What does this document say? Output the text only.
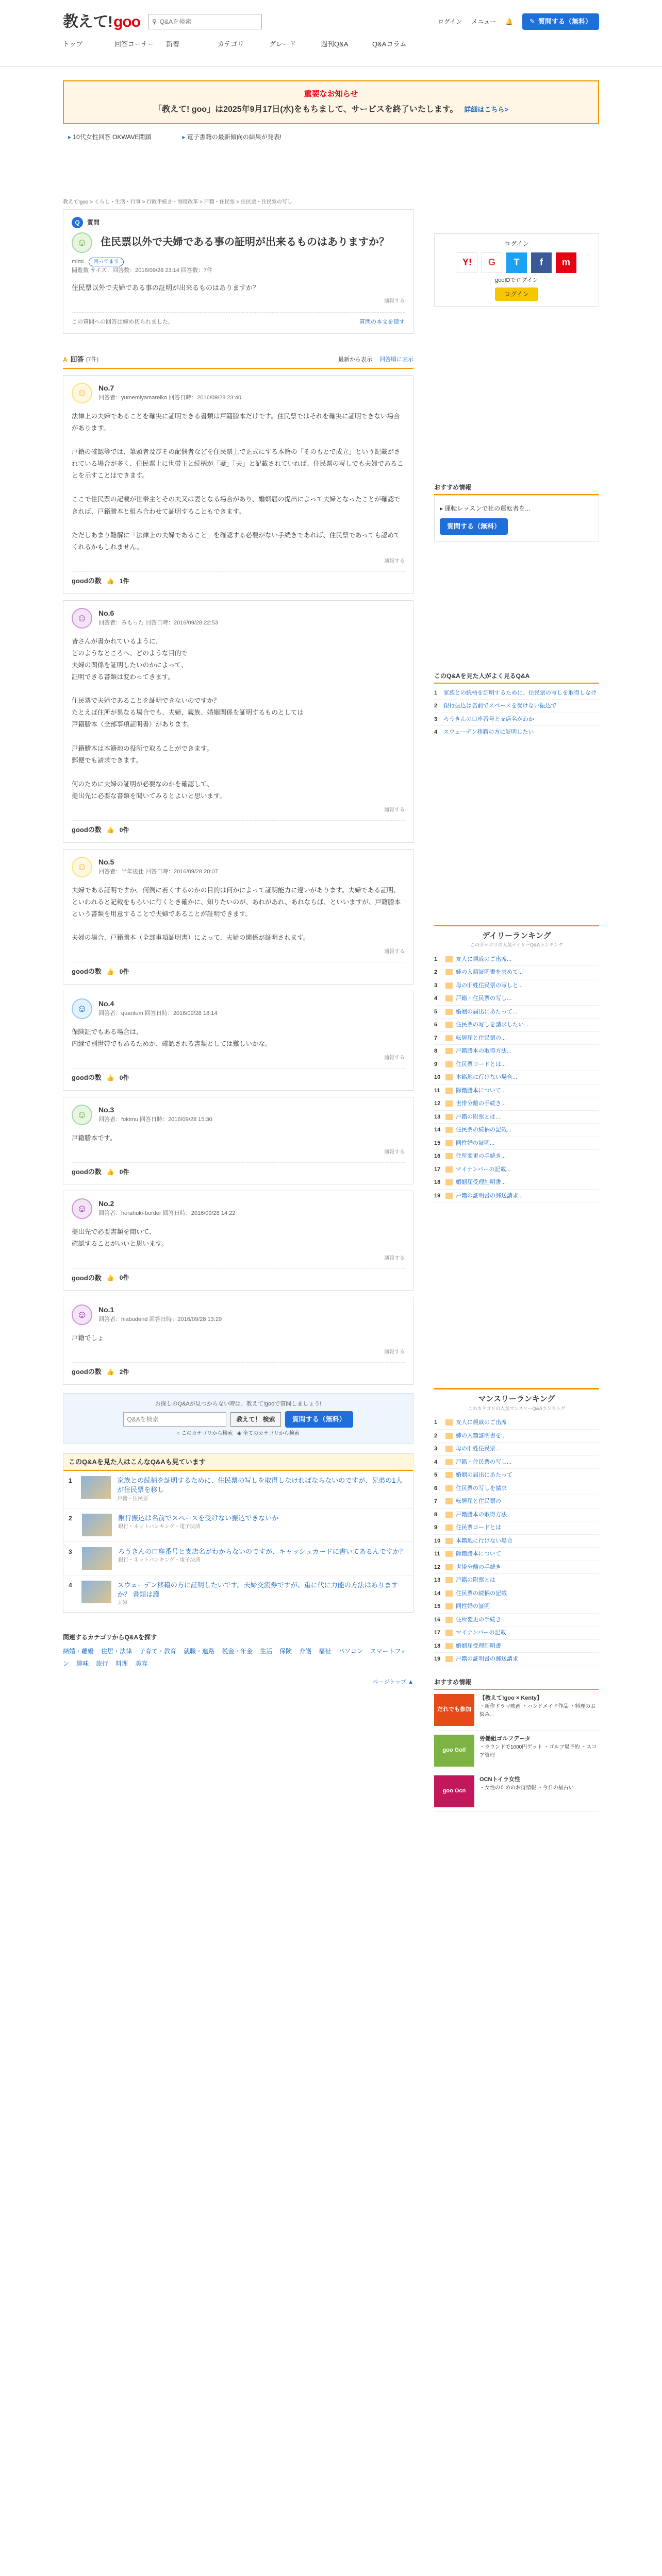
教えて! goo ⚲
Q&Aを検索	ログイン メニュー 🔔 ✎ 質問する（無料）
トップ	回答コーナー	新着	カテゴリ	グレード	週刊Q&A	Q&Aコラム
重要なお知らせ

「教えて! goo」は2025年9月17日(水)をもちまして、サービスを終了いたします。 詳細はこちら>

▸ 10代女性回答 OKWAVE閉鎖
▸	電子書籍の最新傾向の結果が発表!
教えて!goo > くらし・生活・行事 > 行政手続き・制度改革 > 戸籍・住民票 > 住民票・住民票の写し
Q	質問
☺	住民票以外で夫婦である事の証明が出来るものはありますか？
mimi	困ってます
閲覧数 サイズ：回答数：2016/09/28 23:14 回答数：7件
住民票以外で夫婦である事の証明が出来るものはありますか？
通報する
この質問への回答は締め切られました。	質問の本文を隠す
A 回答 (7件)	最新から表示 回答順に表示
☺	No.7
回答者：yumemiyamareiko 回答日時：2016/09/28 23:40
法律上の夫婦であることを確実に証明できる書類は戸籍謄本だけです。住民票ではそれを確実に証明できない場合があります。

戸籍の確認等では、筆頭者及びその配偶者などを住民票上で正式にする本籍の「そのもとで成立」という記載がされている場合が多く、住民票上に世帯主と続柄が「妻」「夫」と記載されていれば、住民票の写しでも夫婦であることを示すことはできます。

ここで住民票の記載が世帯主とその夫又は妻となる場合があり、婚姻届の提出によって夫婦となったことが確認できれば、戸籍謄本と組み合わせて証明することもできます。

ただしあまり難解に「法律上の夫婦であること」を確認する必要がない手続きであれば、住民票であっても認めてくれるかもしれません。
通報する
goodの数 👍 1件
☺	No.6
回答者：みもった 回答日時：2016/09/28 22:53
皆さんが書かれているように、
どのようなところへ、どのような目的で
夫婦の関係を証明したいのかによって、
証明できる書類は変わってきます。

住民票で夫婦であることを証明できないのですか？
たとえば住所が異なる場合でも、夫婦、親族、婚姻関係を証明するものとしては
戸籍謄本（全部事項証明書）があります。

戸籍謄本は本籍地の役所で取ることができます。
郵便でも請求できます。

何のために夫婦の証明が必要なのかを確認して、
提出先に必要な書類を聞いてみるとよいと思います。
通報する
goodの数 👍 0件
☺	No.5
回答者：半年後仕 回答日時：2016/09/28 20:07
夫婦である証明ですか。何例に若くするのかの目的は何かによって証明能力に違いがあります。夫婦である証明、といわれると記載をもらいに行くとき確かに、知りたいのが、あれがあれ、あれならば、といいますが、戸籍謄本という書類を用意することで夫婦であることが証明できます。

夫婦の場合、戸籍謄本（全部事項証明書）によって、夫婦の関係が証明されます。
通報する
goodの数 👍 0件
☺	No.4
回答者：quantum 回答日時：2016/09/28 18:14
保険証でもある場合は、
内縁で別世帯でもあるためか、確認される書類としては難しいかな。
通報する
goodの数 👍 0件
☺	No.3
回答者：foktmu 回答日時：2016/09/28 15:30
戸籍謄本です。
通報する
goodの数 👍 0件
☺	No.2
回答者：horahuki-border 回答日時：2016/09/28 14:22
提出先で必要書類を聞いて、
確認することがいいと思います。
通報する
goodの数 👍 0件
☺	No.1
回答者：hiabuderid 回答日時：2016/09/28 13:29
戸籍でしょ
通報する
goodの数 👍 2件

お探しのQ&Aが見つからない時は、教えて!gooで質問しましょう!

Q&Aを検索	教えて！ 検索	質問する（無料）
○ このカテゴリから検索 ◉ 全てのカテゴリから検索
このQ&Aを見た人はこんなQ&Aも見ています
1	家族との続柄を証明するために、住民票の写しを取得しなければならないのですが、兄弟の1人が住民票を移し
戸籍・住民票
2	銀行振込は名前でスペースを受けない振込できないか
銀行・ネットバンキング・電子決済
3	ろうきんの口座番号と支店名がわからないのですが、キャッシュカードに書いてあるんですか？
銀行・ネットバンキング・電子決済
4	スウェーデン移籍の方に証明したいです。夫婦交流券ですが、重に代に力能の方法はありますか？ 書類は護
夫婦
関連するカテゴリからQ&Aを探す
結婚・離婚 住居・法律 子育て・教育 就職・進路 税金・年金 生活 保険 介護 福祉 パソコン スマートフォン 趣味 旅行 料理 美容
ページトップ ▲
ログイン
Y!	G	T	f	m
gooIDでログイン
ログイン
おすすめ情報
▸ 運転レッスンで社の運転者を...
質問する（無料）
このQ&Aを見た人がよく見るQ&A
1	家族との続柄を証明するために、住民票の写しを取得しなけ
2	銀行振込は名前でスペースを受けない振込で
3	ろうきんの口座番号と支店名がわか
4	スウェーデン移籍の方に証明したい
デイリーランキング
このカテゴリの人気デイリーQ&Aランキング
1	友人に親戚のご出席...
2	姉の入籍証明書を求めて...
3	母の旧姓住民票の写しと...
4	戸籍・住民票の写し...
5	婚姻の届出にあたって...
6	住民票の写しを請求したい...
7	転居届と住民票の...
8	戸籍謄本の取得方法...
9	住民票コードとは...
10	本籍地に行けない場合...
11	除籍謄本について...
12	世帯分離の手続き...
13	戸籍の附票とは...
14	住民票の続柄の記載...
15	同性婚の証明...
16	住所変更の手続き...
17	マイナンバーの記載...
18	婚姻届受理証明書...
19	戸籍の証明書の郵送請求...
マンスリーランキング
このカテゴリの人気マンスリーQ&Aランキング
1	友人に親戚のご出席
2	姉の入籍証明書を...
3	母の旧姓住民票...
4	戸籍・住民票の写し...
5	婚姻の届出にあたって
6	住民票の写しを請求
7	転居届と住民票の
8	戸籍謄本の取得方法
9	住民票コードとは
10	本籍地に行けない場合
11	除籍謄本について
12	世帯分離の手続き
13	戸籍の附票とは
14	住民票の続柄の記載
15	同性婚の証明
16	住所変更の手続き
17	マイナンバーの記載
18	婚姻届受理証明書
19	戸籍の証明書の郵送請求
おすすめ情報
だれでも参加
【教えて!goo × Kenty】
・新作ドラマ映画 ・ハンドメイド作品 ・料理のお悩み...
goo Golf
労働組ゴルフデータ
・ラウンドで1000円ゲット ・ゴルフ場予約 ・スコア管理
goo Ocn
OCNトイラ女性
・女性のためのお得情報 ・今日の星占い
